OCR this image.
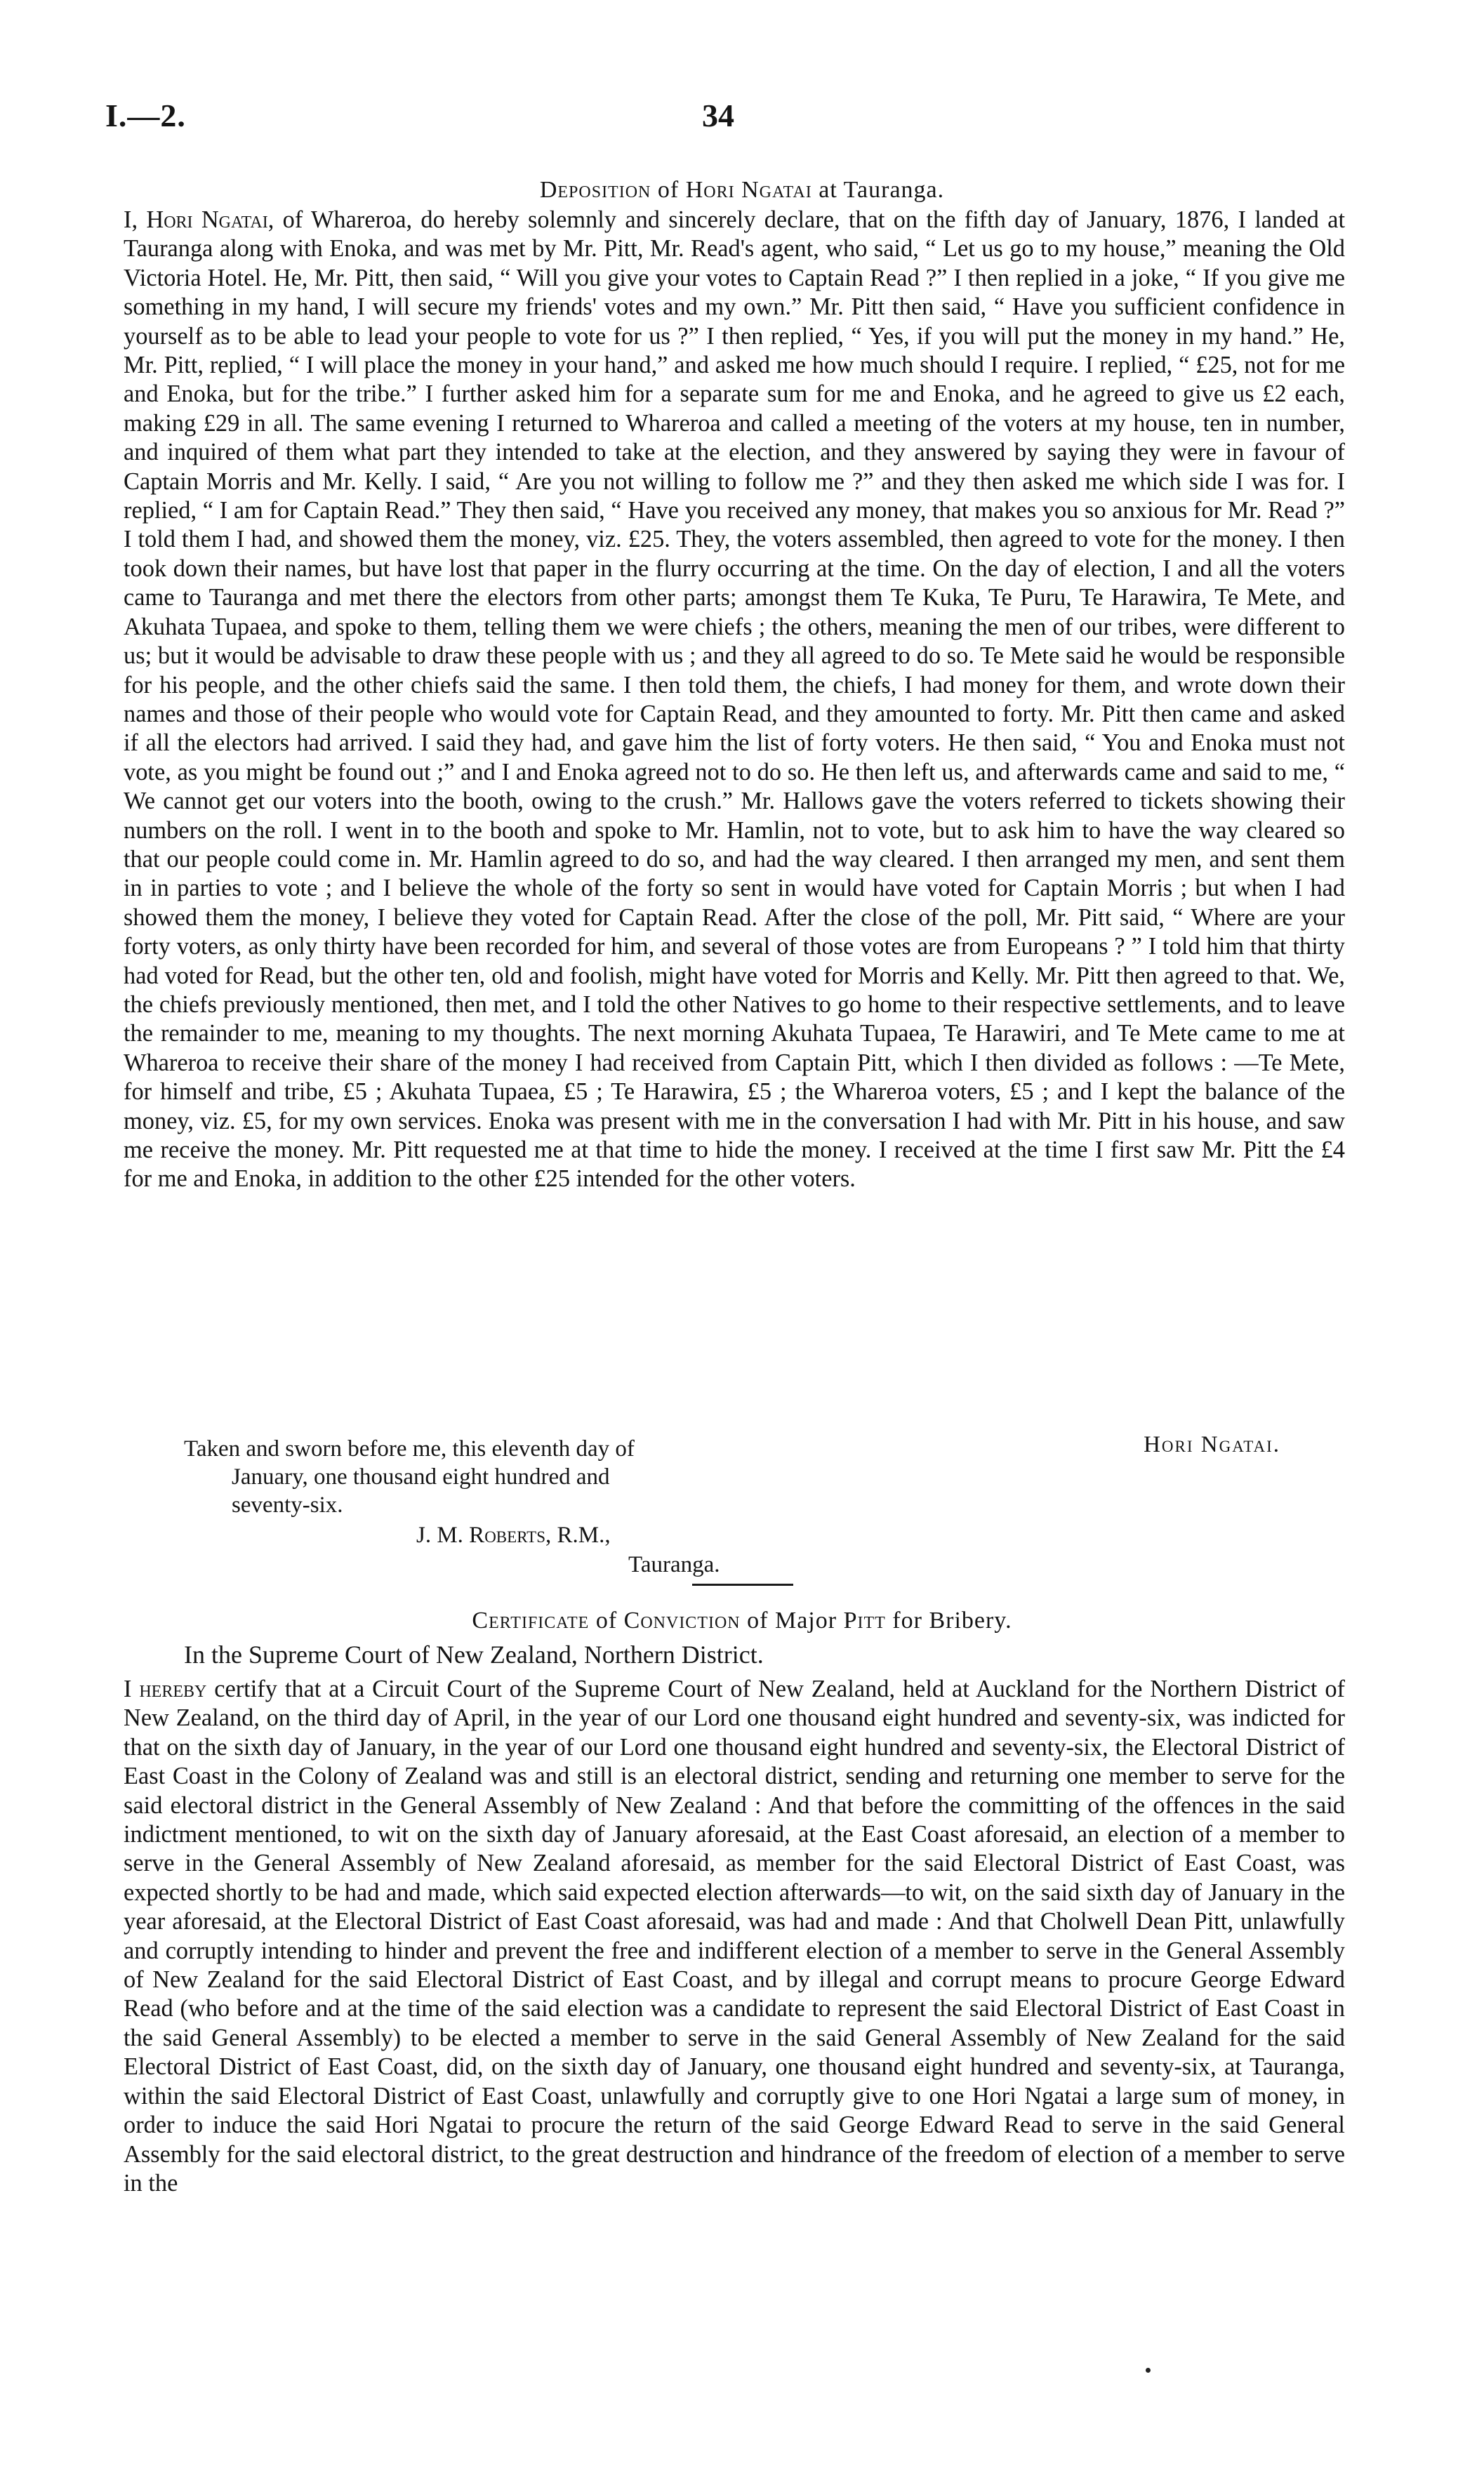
I.—2.	34
Deposition of Hori Ngatai at Tauranga.

I, Hori Ngatai, of Whareroa, do hereby solemnly and sincerely declare, that on the fifth day of January, 1876, I landed at Tauranga along with Enoka, and was met by Mr. Pitt, Mr. Read's agent, who said, “ Let us go to my house,” meaning the Old Victoria Hotel. He, Mr. Pitt, then said, “ Will you give your votes to Captain Read ?” I then replied in a joke, “ If you give me something in my hand, I will secure my friends' votes and my own.” Mr. Pitt then said, “ Have you sufficient confidence in yourself as to be able to lead your people to vote for us ?” I then replied, “ Yes, if you will put the money in my hand.” He, Mr. Pitt, replied, “ I will place the money in your hand,” and asked me how much should I require. I replied, “ £25, not for me and Enoka, but for the tribe.” I further asked him for a separate sum for me and Enoka, and he agreed to give us £2 each, making £29 in all. The same evening I returned to Whareroa and called a meeting of the voters at my house, ten in number, and inquired of them what part they intended to take at the election, and they answered by saying they were in favour of Captain Morris and Mr. Kelly. I said, “ Are you not willing to follow me ?” and they then asked me which side I was for. I replied, “ I am for Captain Read.” They then said, “ Have you received any money, that makes you so anxious for Mr. Read ?” I told them I had, and showed them the money, viz. £25. They, the voters assembled, then agreed to vote for the money. I then took down their names, but have lost that paper in the flurry occurring at the time. On the day of election, I and all the voters came to Tauranga and met there the electors from other parts; amongst them Te Kuka, Te Puru, Te Harawira, Te Mete, and Akuhata Tupaea, and spoke to them, telling them we were chiefs ; the others, meaning the men of our tribes, were different to us; but it would be advisable to draw these people with us ; and they all agreed to do so. Te Mete said he would be responsible for his people, and the other chiefs said the same. I then told them, the chiefs, I had money for them, and wrote down their names and those of their people who would vote for Captain Read, and they amounted to forty. Mr. Pitt then came and asked if all the electors had arrived. I said they had, and gave him the list of forty voters. He then said, “ You and Enoka must not vote, as you might be found out ;” and I and Enoka agreed not to do so. He then left us, and afterwards came and said to me, “ We cannot get our voters into the booth, owing to the crush.” Mr. Hallows gave the voters referred to tickets showing their numbers on the roll. I went in to the booth and spoke to Mr. Hamlin, not to vote, but to ask him to have the way cleared so that our people could come in. Mr. Hamlin agreed to do so, and had the way cleared. I then arranged my men, and sent them in in parties to vote ; and I believe the whole of the forty so sent in would have voted for Captain Morris ; but when I had showed them the money, I believe they voted for Captain Read. After the close of the poll, Mr. Pitt said, “ Where are your forty voters, as only thirty have been recorded for him, and several of those votes are from Europeans ? ” I told him that thirty had voted for Read, but the other ten, old and foolish, might have voted for Morris and Kelly. Mr. Pitt then agreed to that. We, the chiefs previously mentioned, then met, and I told the other Natives to go home to their respective settlements, and to leave the remainder to me, meaning to my thoughts. The next morning Akuhata Tupaea, Te Harawiri, and Te Mete came to me at Whareroa to receive their share of the money I had received from Captain Pitt, which I then divided as follows : —Te Mete, for himself and tribe, £5 ; Akuhata Tupaea, £5 ; Te Harawira, £5 ; the Whareroa voters, £5 ; and I kept the balance of the money, viz. £5, for my own services. Enoka was present with me in the conversation I had with Mr. Pitt in his house, and saw me receive the money. Mr. Pitt requested me at that time to hide the money. I received at the time I first saw Mr. Pitt the £4 for me and Enoka, in addition to the other £25 intended for the other voters.

Hori Ngatai.
Taken and sworn before me, this eleventh day of
January, one thousand eight hundred and
seventy-six.
J. M. Roberts, R.M.,
Tauranga.
Certificate of Conviction of Major Pitt for Bribery.
In the Supreme Court of New Zealand, Northern District.

I hereby certify that at a Circuit Court of the Supreme Court of New Zealand, held at Auckland for the Northern District of New Zealand, on the third day of April, in the year of our Lord one thousand eight hundred and seventy-six, was indicted for that on the sixth day of January, in the year of our Lord one thousand eight hundred and seventy-six, the Electoral District of East Coast in the Colony of Zealand was and still is an electoral district, sending and returning one member to serve for the said electoral district in the General Assembly of New Zealand : And that before the committing of the offences in the said indictment mentioned, to wit on the sixth day of January aforesaid, at the East Coast aforesaid, an election of a member to serve in the General Assembly of New Zealand aforesaid, as member for the said Electoral District of East Coast, was expected shortly to be had and made, which said expected election afterwards—to wit, on the said sixth day of January in the year aforesaid, at the Electoral District of East Coast aforesaid, was had and made : And that Cholwell Dean Pitt, unlawfully and corruptly intending to hinder and prevent the free and indifferent election of a member to serve in the General Assembly of New Zealand for the said Electoral District of East Coast, and by illegal and corrupt means to procure George Edward Read (who before and at the time of the said election was a candidate to represent the said Electoral District of East Coast in the said General Assembly) to be elected a member to serve in the said General Assembly of New Zealand for the said Electoral District of East Coast, did, on the sixth day of January, one thousand eight hundred and seventy-six, at Tauranga, within the said Electoral District of East Coast, unlawfully and corruptly give to one Hori Ngatai a large sum of money, in order to induce the said Hori Ngatai to procure the return of the said George Edward Read to serve in the said General Assembly for the said electoral district, to the great destruction and hindrance of the freedom of election of a member to serve in the
